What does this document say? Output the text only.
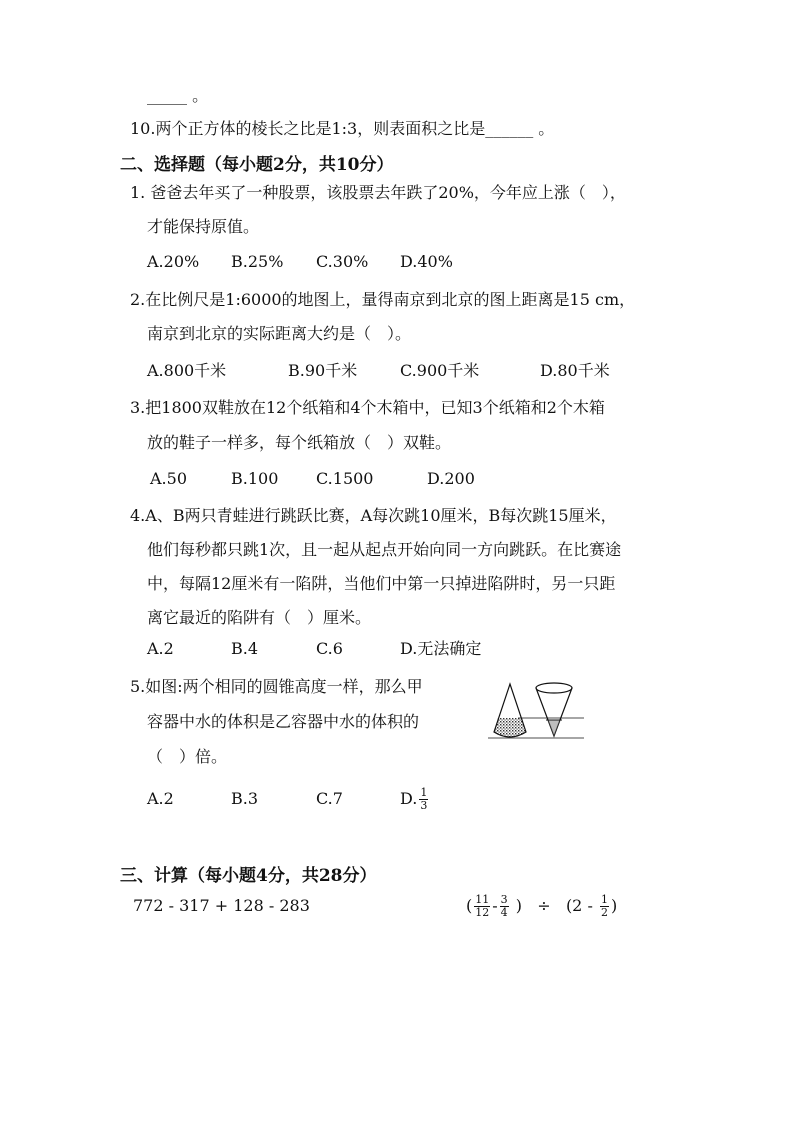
_____ 。
10.两个正方体的棱长之比是1:3，则表面积之比是______ 。
二、选择题（每小题2分，共10分）
1. 爸爸去年买了一种股票，该股票去年跌了20%，今年应上涨（　），
才能保持原值。
A.20% B.25% C.30% D.40%
2.在比例尺是1:6000的地图上，量得南京到北京的图上距离是15 cm，
南京到北京的实际距离大约是（　）。
A.800千米	B.90千米	C.900千米	D.80千米
3.把1800双鞋放在12个纸箱和4个木箱中，已知3个纸箱和2个木箱
放的鞋子一样多，每个纸箱放（　）双鞋。
A.50	B.100 C.1500	D.200
4.A、B两只青蛙进行跳跃比赛，A每次跳10厘米，B每次跳15厘米，
他们每秒都只跳1次，且一起从起点开始向同一方向跳跃。在比赛途
中，每隔12厘米有一陷阱，当他们中第一只掉进陷阱时，另一只距
离它最近的陷阱有（　）厘米。
A.2	B.4	C.6	D.无法确定
5.如图:两个相同的圆锥高度一样，那么甲
容器中水的体积是乙容器中水的体积的
（　）倍。
A.2	B.3	C.7	D. $\frac{1}{3}$
三、计算（每小题4分，共28分）
772 - 317 + 128 - 283	( $\frac{11}{12} - \frac{3}{4}$ ) ÷ ($2 - \frac{1}{2}$ )
